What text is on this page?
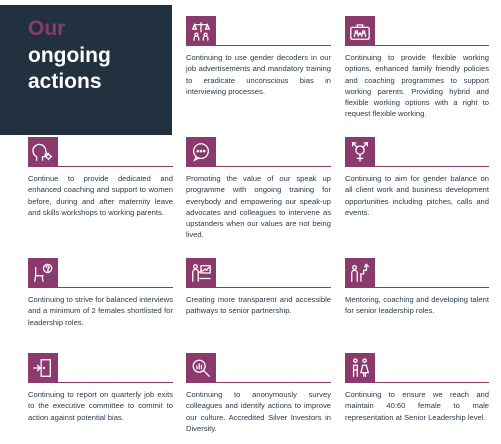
Our
ongoing
actions
Continuing to use gender decoders in our job advertisements and mandatory training to eradicate unconscious bias in interviewing processes.
Continuing to provide flexible working options, enhanced family friendly policies and coaching programmes to support working parents. Providing hybrid and flexible working options with a right to request flexible working.
Continue to provide dedicated and enhanced coaching and support to women before, during and after maternity leave and skills workshops to working parents.
Promoting the value of our speak up programme with ongoing training for everybody and empowering our speak-up advocates and colleagues to intervene as upstanders when our values are not being lived.
Continuing to aim for gender balance on all client work and business development opportunities including pitches, calls and events.
Continuing to strive for balanced interviews and a minimum of 2 females shortlisted for leadership roles.
Creating more transparent and accessible pathways to senior partnership.
Mentoring, coaching and developing talent for senior leadership roles.
Continuing to report on quarterly job exits to the executive committee to commit to action against potential bias.
Continuing to anonymously survey colleagues and identify actions to improve our culture. Accredited Silver Investors in Diversity.
Continuing to ensure we reach and maintain 40:60 female to male representation at Senior Leadership level.
